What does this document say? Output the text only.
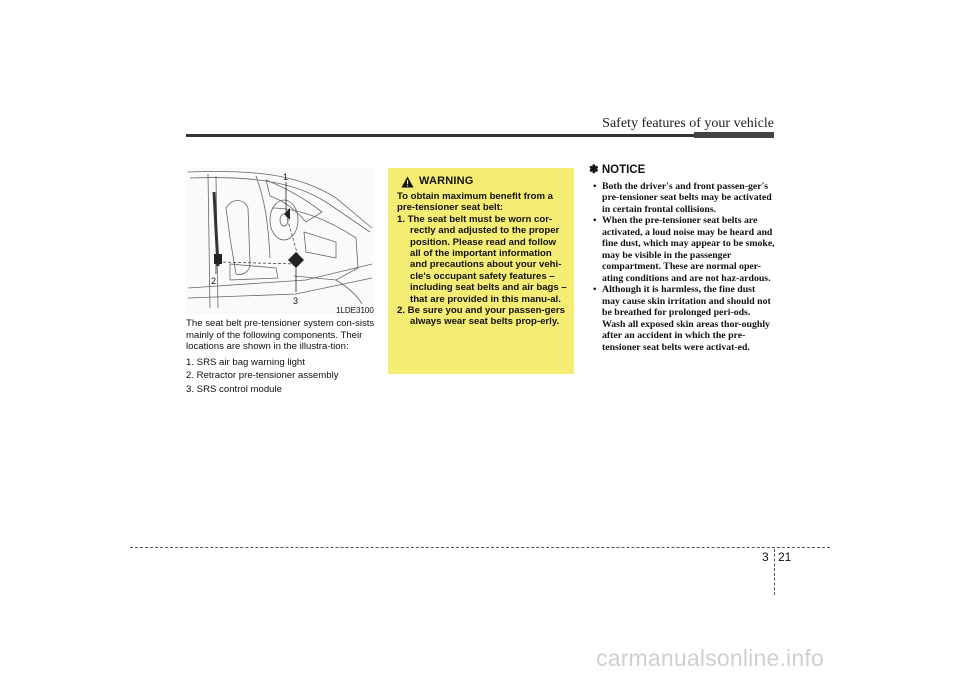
Safety features of your vehicle
1
2
3
1LDE3100

The seat belt pre-tensioner system con-sists mainly of the following components. Their locations are shown in the illustra-tion:

1. SRS air bag warning light
2. Retractor pre-tensioner assembly
3. SRS control module
WARNING

To obtain maximum benefit from a pre-tensioner seat belt:

1. The seat belt must be worn cor-rectly and adjusted to the proper position. Please read and follow all of the important information and precautions about your vehi-cle's occupant safety features – including seat belts and air bags – that are provided in this manu-al.

2. Be sure you and your passen-gers always wear seat belts prop-erly.

✽ NOTICE

• Both the driver's and front passen-ger's pre-tensioner seat belts may be activated in certain frontal collisions.

• When the pre-tensioner seat belts are activated, a loud noise may be heard and fine dust, which may appear to be smoke, may be visible in the passenger compartment. These are normal oper-ating conditions and are not haz-ardous.

• Although it is harmless, the fine dust may cause skin irritation and should not be breathed for prolonged peri-ods. Wash all exposed skin areas thor-oughly after an accident in which the pre-tensioner seat belts were activat-ed.

3 21
carmanualsonline.info
